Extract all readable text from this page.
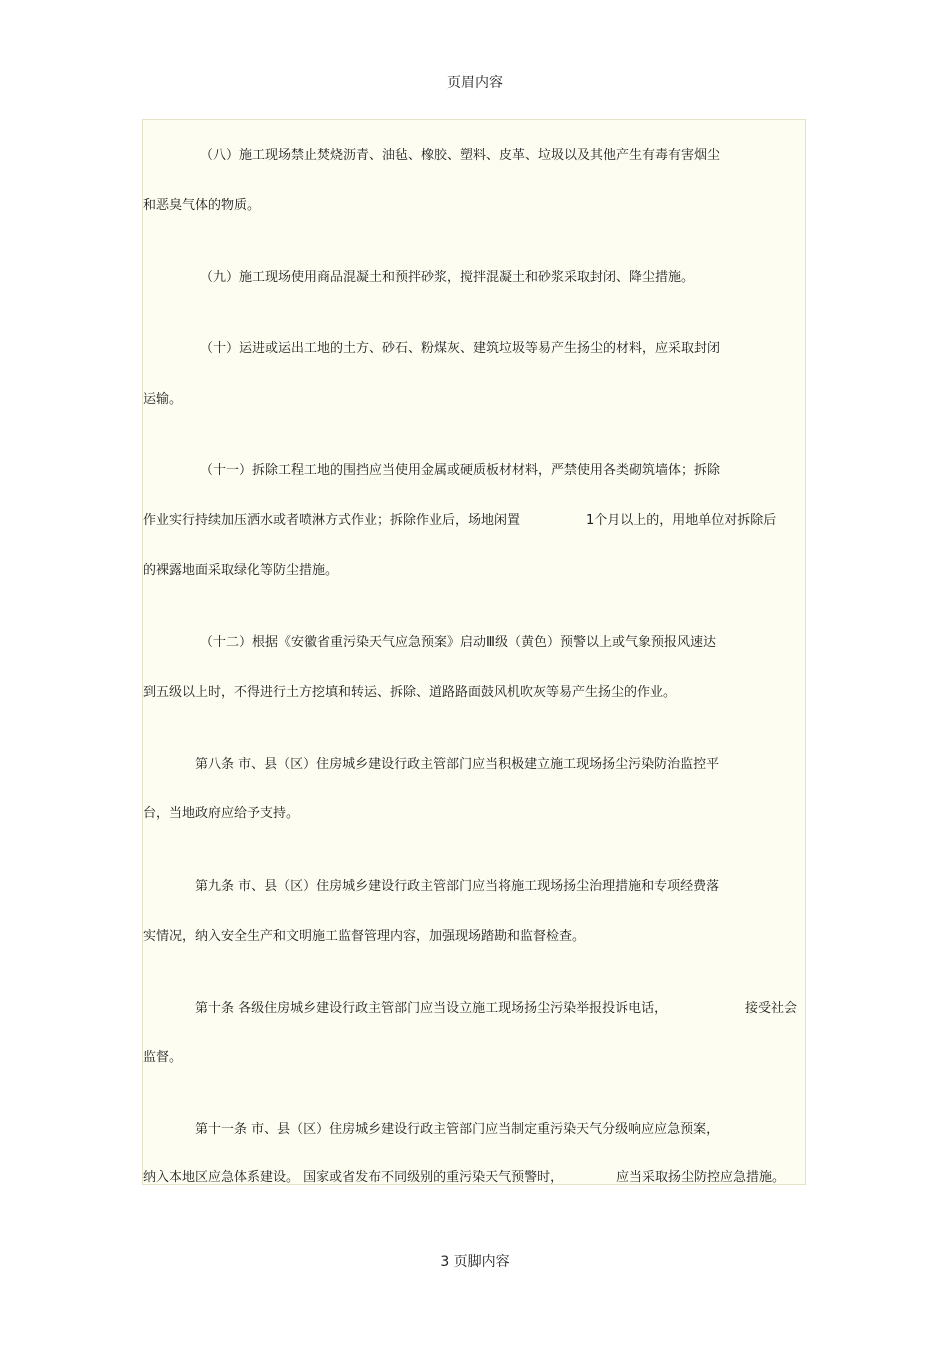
页眉内容
（八）施工现场禁止焚烧沥青、油毡、橡胶、塑料、皮革、垃圾以及其他产生有毒有害烟尘
和恶臭气体的物质。
（九）施工现场使用商品混凝土和预拌砂浆，搅拌混凝土和砂浆采取封闭、降尘措施。
（十）运进或运出工地的土方、砂石、粉煤灰、建筑垃圾等易产生扬尘的材料，应采取封闭
运输。
（十一）拆除工程工地的围挡应当使用金属或硬质板材材料，严禁使用各类砌筑墙体；拆除
作业实行持续加压洒水或者喷淋方式作业；拆除作业后，场地闲置	1个月以上的，用地单位对拆除后
的裸露地面采取绿化等防尘措施。
（十二）根据《安徽省重污染天气应急预案》启动Ⅲ级（黄色）预警以上或气象预报风速达
到五级以上时，不得进行土方挖填和转运、拆除、道路路面鼓风机吹灰等易产生扬尘的作业。
第八条 市、县（区）住房城乡建设行政主管部门应当积极建立施工现场扬尘污染防治监控平
台，当地政府应给予支持。
第九条 市、县（区）住房城乡建设行政主管部门应当将施工现场扬尘治理措施和专项经费落
实情况，纳入安全生产和文明施工监督管理内容，加强现场踏勘和监督检查。
第十条 各级住房城乡建设行政主管部门应当设立施工现场扬尘污染举报投诉电话，	接受社会
监督。
第十一条 市、县（区）住房城乡建设行政主管部门应当制定重污染天气分级响应应急预案，
纳入本地区应急体系建设。 国家或省发布不同级别的重污染天气预警时，	应当采取扬尘防控应急措施。
3 页脚内容
